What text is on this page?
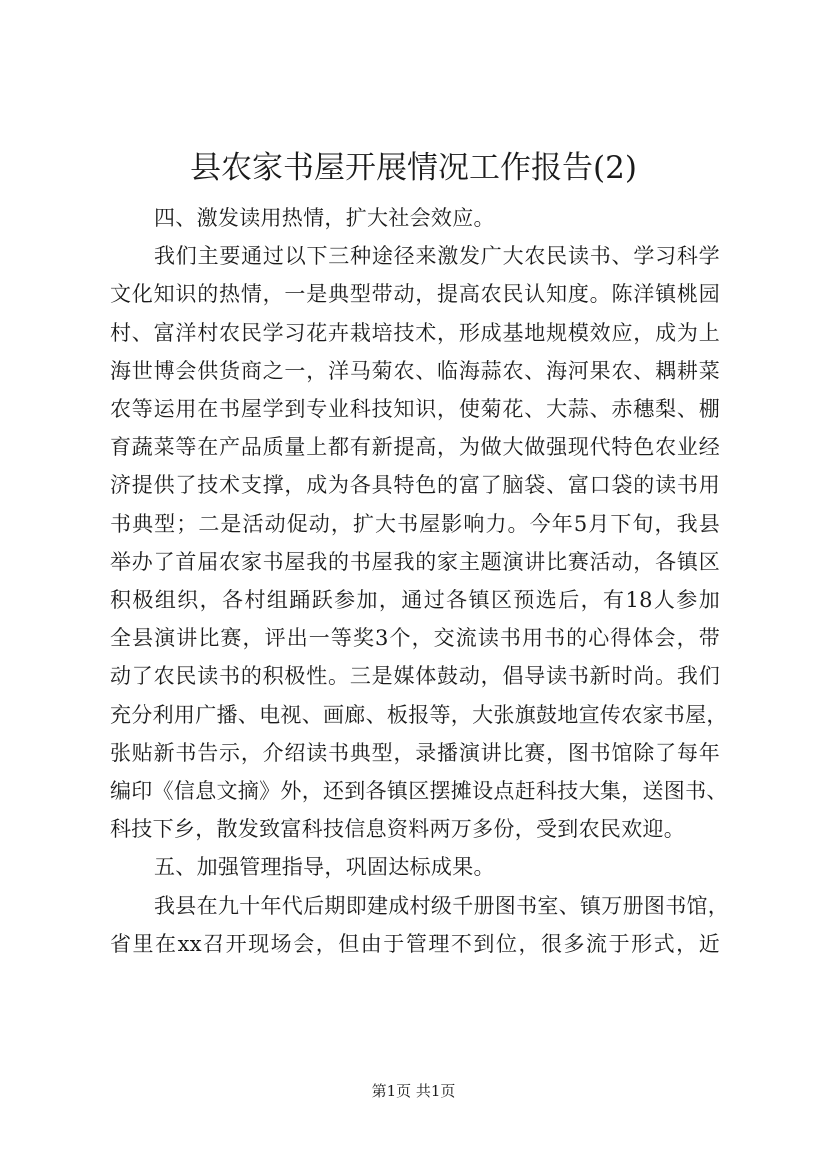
县农家书屋开展情况工作报告(2)
四、激发读用热情，扩大社会效应。
我们主要通过以下三种途径来激发广大农民读书、学习科学
文化知识的热情，一是典型带动，提高农民认知度。陈洋镇桃园
村、富洋村农民学习花卉栽培技术，形成基地规模效应，成为上
海世博会供货商之一，洋马菊农、临海蒜农、海河果农、耦耕菜
农等运用在书屋学到专业科技知识，使菊花、大蒜、赤穗梨、棚
育蔬菜等在产品质量上都有新提高，为做大做强现代特色农业经
济提供了技术支撑，成为各具特色的富了脑袋、富口袋的读书用
书典型；二是活动促动，扩大书屋影响力。今年5月下旬，我县
举办了首届农家书屋我的书屋我的家主题演讲比赛活动，各镇区
积极组织，各村组踊跃参加，通过各镇区预选后，有18人参加
全县演讲比赛，评出一等奖3个，交流读书用书的心得体会，带
动了农民读书的积极性。三是媒体鼓动，倡导读书新时尚。我们
充分利用广播、电视、画廊、板报等，大张旗鼓地宣传农家书屋，
张贴新书告示，介绍读书典型，录播演讲比赛，图书馆除了每年
编印《信息文摘》外，还到各镇区摆摊设点赶科技大集，送图书、
科技下乡，散发致富科技信息资料两万多份，受到农民欢迎。
五、加强管理指导，巩固达标成果。
我县在九十年代后期即建成村级千册图书室、镇万册图书馆，
省里在xx召开现场会，但由于管理不到位，很多流于形式，近
第1页 共1页
